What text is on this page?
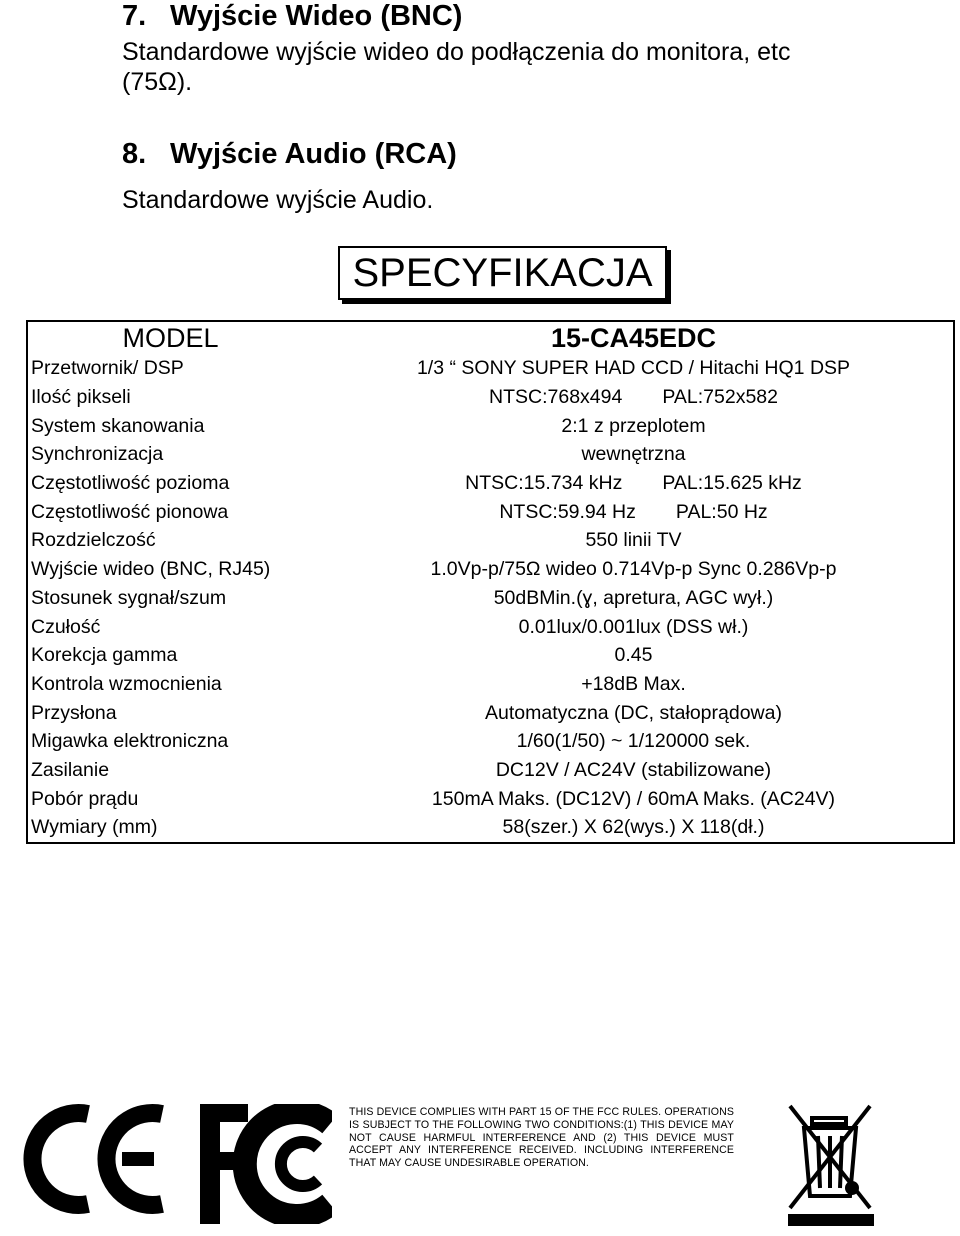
7. Wyjście Wideo (BNC)

Standardowe wyjście wideo do podłączenia do monitora, etc

(75Ω).

8. Wyjście Audio (RCA)

Standardowe wyjście Audio.

SPECYFIKACJA
MODEL	15-CA45EDC
Przetwornik/ DSP	1/3 “ SONY SUPER HAD CCD / Hitachi HQ1 DSP
Ilość pikseli	NTSC:768x494 PAL:752x582
System skanowania	2:1 z przeplotem
Synchronizacja	wewnętrzna
Częstotliwość pozioma	NTSC:15.734 kHz PAL:15.625 kHz
Częstotliwość pionowa	NTSC:59.94 Hz PAL:50 Hz
Rozdzielczość	550 linii TV
Wyjście wideo (BNC, RJ45)	1.0Vp-p/75Ω wideo 0.714Vp-p Sync 0.286Vp-p
Stosunek sygnał/szum	50dBMin.(ɣ, apretura, AGC wył.)
Czułość	0.01lux/0.001lux (DSS wł.)
Korekcja gamma	0.45
Kontrola wzmocnienia	+18dB Max.
Przysłona	Automatyczna (DC, stałoprądowa)
Migawka elektroniczna	1/60(1/50) ~ 1/120000 sek.
Zasilanie	DC12V / AC24V (stabilizowane)
Pobór prądu	150mA Maks. (DC12V) / 60mA Maks. (AC24V)
Wymiary (mm)	58(szer.) X 62(wys.) X 118(dł.)
THIS DEVICE COMPLIES WITH PART 15 OF THE FCC RULES. OPERATIONS IS SUBJECT TO THE FOLLOWING TWO CONDITIONS:(1) THIS DEVICE MAY NOT CAUSE HARMFUL INTERFERENCE AND (2) THIS DEVICE MUST ACCEPT ANY INTERFERENCE RECEIVED. INCLUDING INTERFERENCE THAT MAY CAUSE UNDESIRABLE OPERATION.
